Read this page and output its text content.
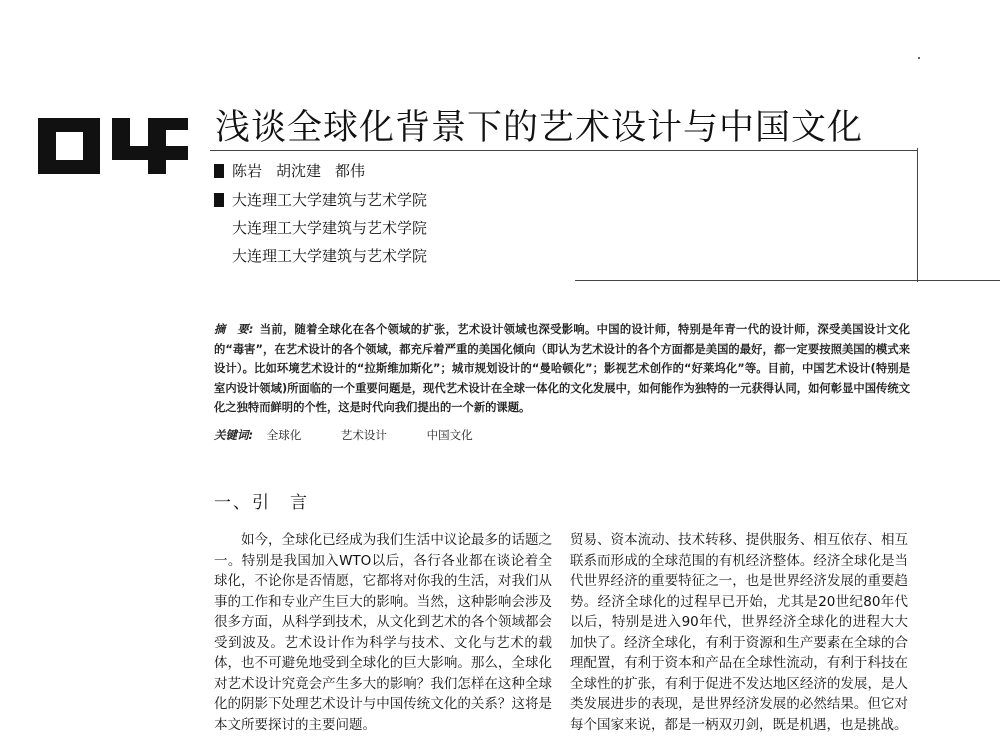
浅谈全球化背景下的艺术设计与中国文化
陈岩 胡沈建 都伟
大连理工大学建筑与艺术学院
大连理工大学建筑与艺术学院
大连理工大学建筑与艺术学院
摘　要: 当前，随着全球化在各个领域的扩张，艺术设计领域也深受影响。中国的设计师，特别是年青一代的设计师，深受美国设计文化的“毒害”，在艺术设计的各个领域，都充斥着严重的美国化倾向（即认为艺术设计的各个方面都是美国的最好，都一定要按照美国的模式来设计）。比如环境艺术设计的“拉斯维加斯化”；城市规划设计的“曼哈顿化”；影视艺术创作的“好莱坞化”等。目前，中国艺术设计(特别是室内设计领域)所面临的一个重要问题是，现代艺术设计在全球一体化的文化发展中，如何能作为独特的一元获得认同，如何彰显中国传统文化之独特而鲜明的个性，这是时代向我们提出的一个新的课题。
关键词: 全球化	艺术设计	中国文化
一、引　言
如今，全球化已经成为我们生活中议论最多的话题之一。特别是我国加入WTO以后，各行各业都在谈论着全球化，不论你是否情愿，它都将对你我的生活，对我们从事的工作和专业产生巨大的影响。当然，这种影响会涉及很多方面，从科学到技术，从文化到艺术的各个领域都会受到波及。艺术设计作为科学与技术、文化与艺术的载体，也不可避免地受到全球化的巨大影响。那么，全球化对艺术设计究竟会产生多大的影响？我们怎样在这种全球化的阴影下处理艺术设计与中国传统文化的关系？这将是本文所要探讨的主要问题。
贸易、资本流动、技术转移、提供服务、相互依存、相互联系而形成的全球范围的有机经济整体。经济全球化是当代世界经济的重要特征之一，也是世界经济发展的重要趋势。经济全球化的过程早已开始，尤其是20世纪80年代以后，特别是进入90年代，世界经济全球化的进程大大加快了。经济全球化，有利于资源和生产要素在全球的合理配置，有利于资本和产品在全球性流动，有利于科技在全球性的扩张，有利于促进不发达地区经济的发展，是人类发展进步的表现，是世界经济发展的必然结果。但它对每个国家来说，都是一柄双刃剑，既是机遇，也是挑战。
